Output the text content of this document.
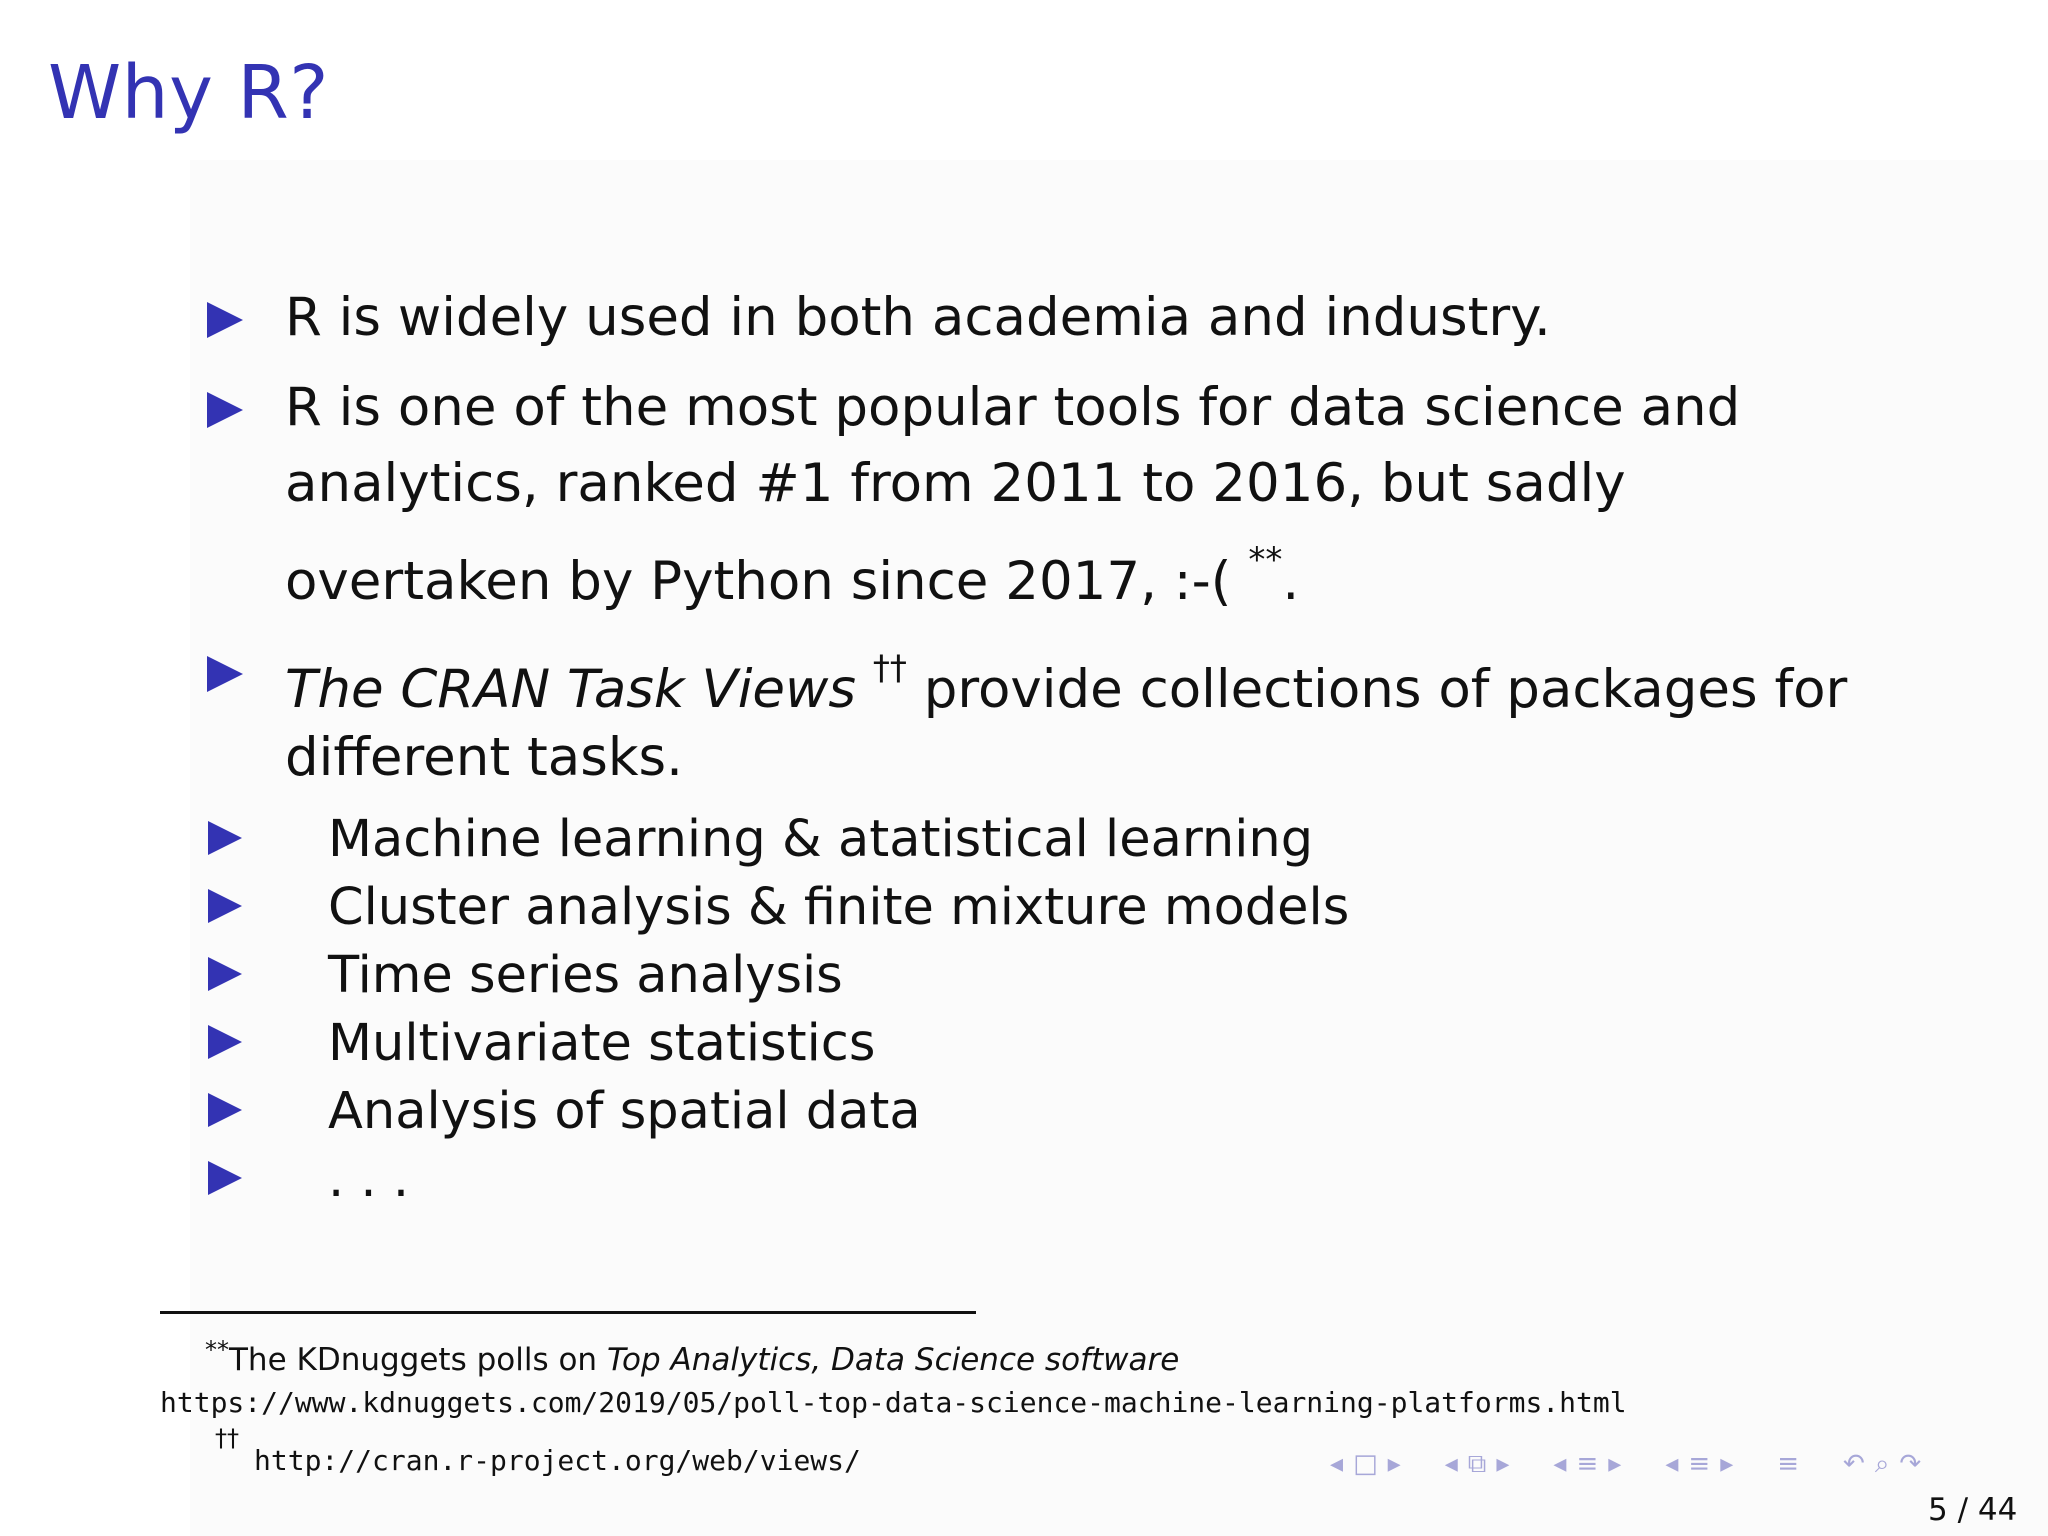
Why R?
R is widely used in both academia and industry.
R is one of the most popular tools for data science and analytics, ranked #1 from 2011 to 2016, but sadly overtaken by Python since 2017, :-( **.
The CRAN Task Views †† provide collections of packages for different tasks.
Machine learning & atatistical learning
Cluster analysis & finite mixture models
Time series analysis
Multivariate statistics
Analysis of spatial data
. . .
**The KDnuggets polls on Top Analytics, Data Science software
https://www.kdnuggets.com/2019/05/poll-top-data-science-machine-learning-platforms.html
††
http://cran.r-project.org/web/views/	◂ □ ▸ ◂ ⧉ ▸ ◂ ≡ ▸ ◂ ≡ ▸ ≡ ↶ ⌕ ↷
5 / 44
